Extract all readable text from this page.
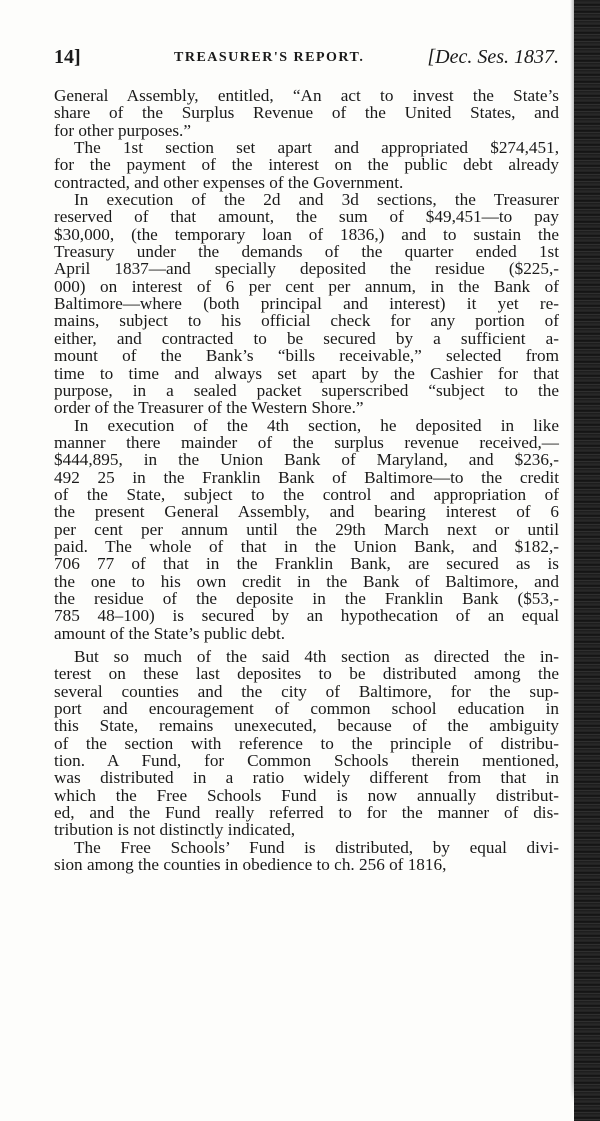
14]	TREASURER'S REPORT.	[Dec. Ses. 1837.

General Assembly, entitled, “An act to invest the State’s
share of the Surplus Revenue of the United States, and
for other purposes.”

The 1st section set apart and appropriated $274,451,
for the payment of the interest on the public debt already
contracted, and other expenses of the Government.

In execution of the 2d and 3d sections, the Treasurer
reserved of that amount, the sum of $49,451—to pay
$30,000, (the temporary loan of 1836,) and to sustain the
Treasury under the demands of the quarter ended 1st
April 1837—and specially deposited the residue ($225,-
000) on interest of 6 per cent per annum, in the Bank of
Baltimore—where (both principal and interest) it yet re-
mains, subject to his official check for any portion of
either, and contracted to be secured by a sufficient a-
mount of the Bank’s “bills receivable,” selected from
time to time and always set apart by the Cashier for that
purpose, in a sealed packet superscribed “subject to the
order of the Treasurer of the Western Shore.”

In execution of the 4th section, he deposited in like
manner there mainder of the surplus revenue received,—
$444,895, in the Union Bank of Maryland, and $236,-
492 25 in the Franklin Bank of Baltimore—to the credit
of the State, subject to the control and appropriation of
the present General Assembly, and bearing interest of 6
per cent per annum until the 29th March next or until
paid. The whole of that in the Union Bank, and $182,-
706 77 of that in the Franklin Bank, are secured as is
the one to his own credit in the Bank of Baltimore, and
the residue of the deposite in the Franklin Bank ($53,-
785 48–100) is secured by an hypothecation of an equal
amount of the State’s public debt.

But so much of the said 4th section as directed the in-
terest on these last deposites to be distributed among the
several counties and the city of Baltimore, for the sup-
port and encouragement of common school education in
this State, remains unexecuted, because of the ambiguity
of the section with reference to the principle of distribu-
tion. A Fund, for Common Schools therein mentioned,
was distributed in a ratio widely different from that in
which the Free Schools Fund is now annually distribut-
ed, and the Fund really referred to for the manner of dis-
tribution is not distinctly indicated,

The Free Schools’ Fund is distributed, by equal divi-
sion among the counties in obedience to ch. 256 of 1816,
